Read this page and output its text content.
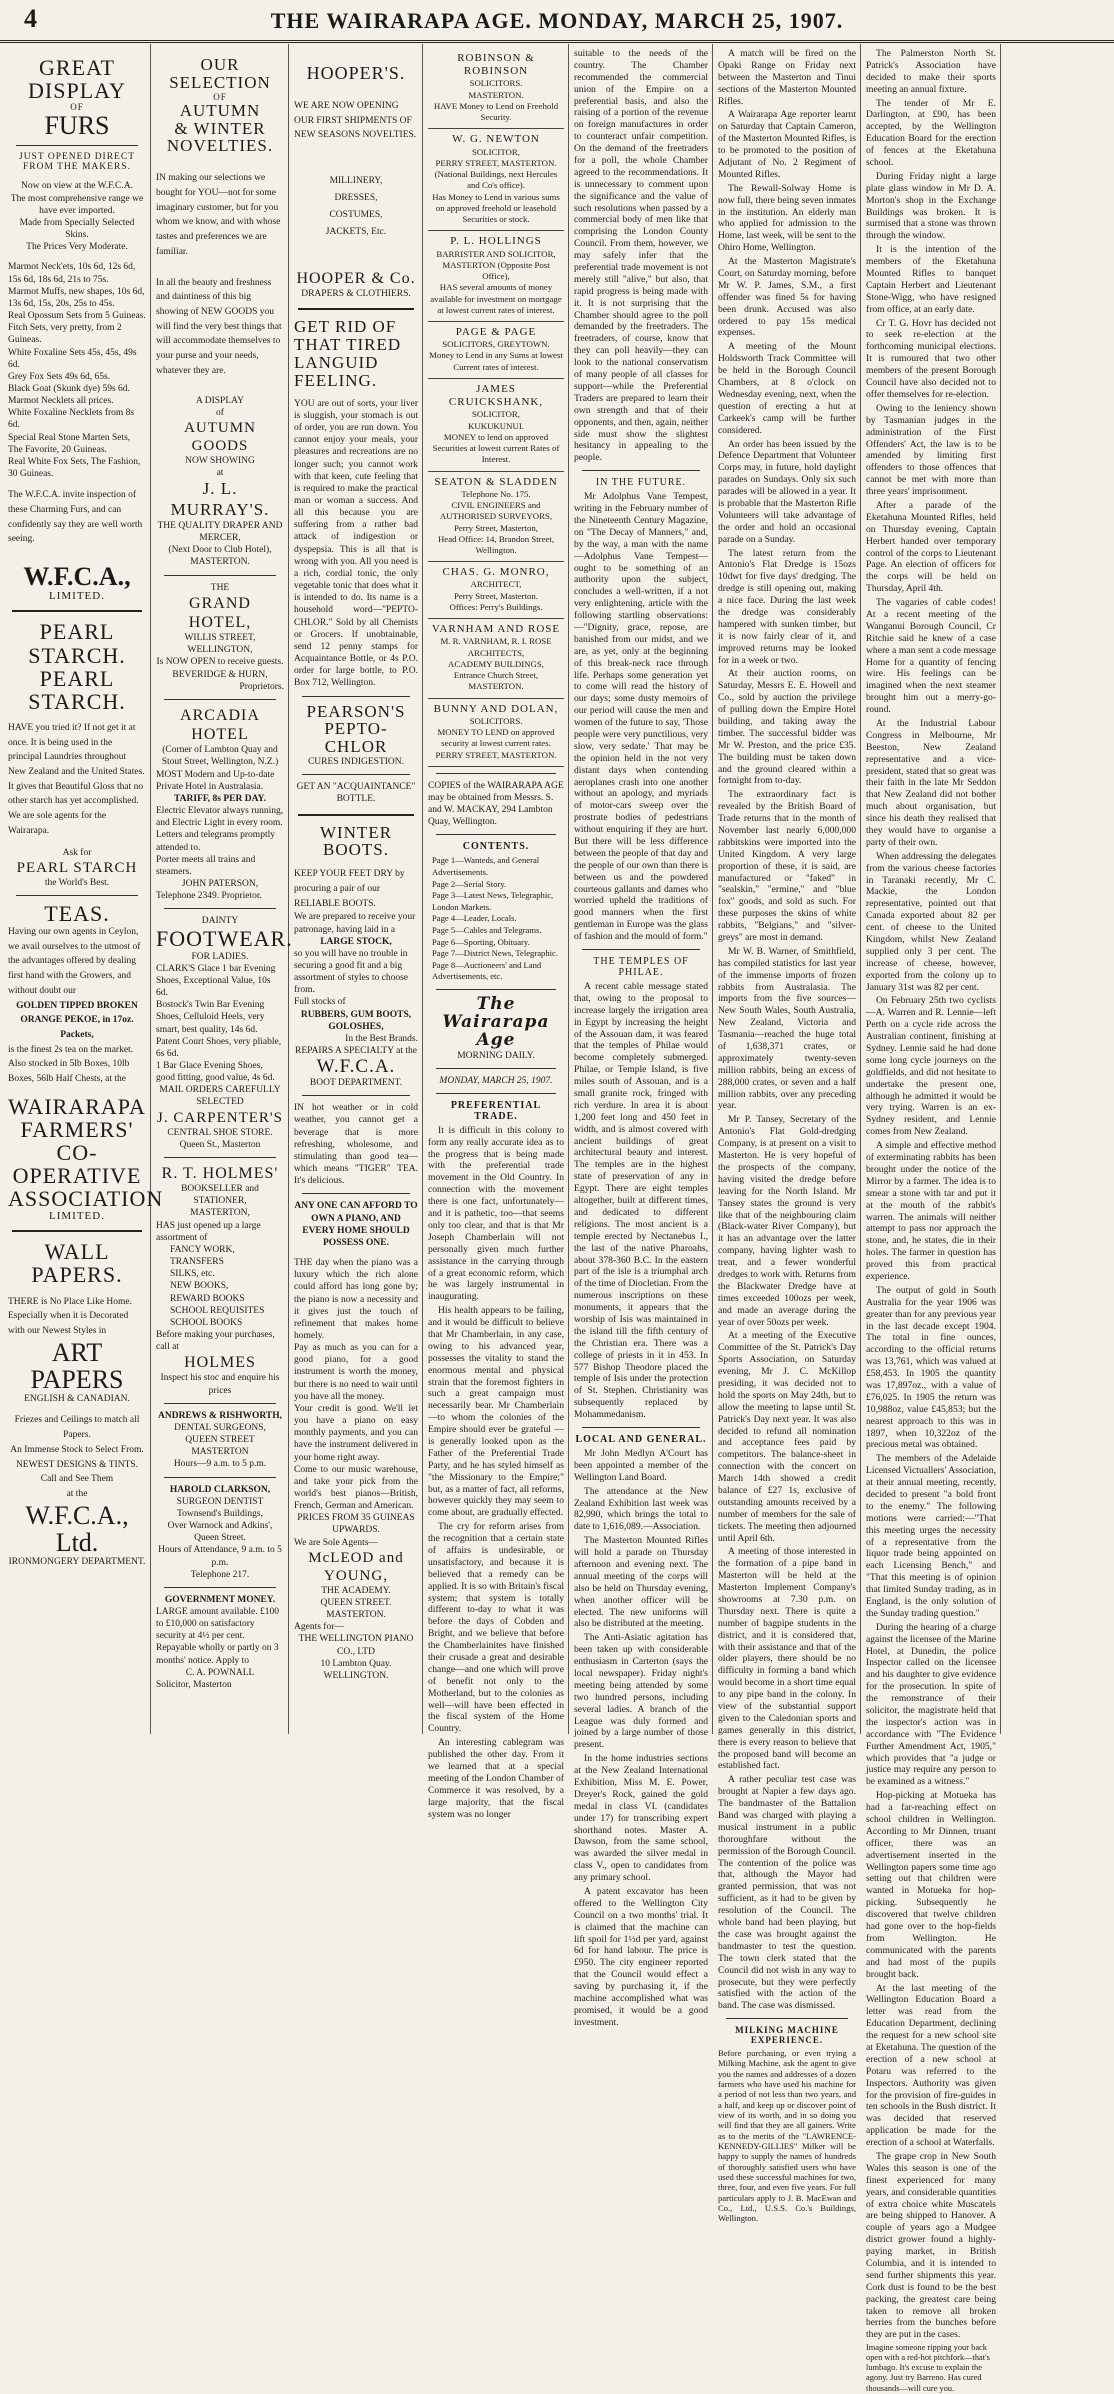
4	THE WAIRARAPA AGE. MONDAY, MARCH 25, 1907.
GREAT DISPLAY
OF
FURS
JUST OPENED DIRECT FROM THE MAKERS.
Now on view at the W.F.C.A.
The most comprehensive range we have ever imported.
Made from Specially Selected Skins.
The Prices Very Moderate.
Marmot Neck'ets, 10s 6d, 12s 6d, 15s 6d, 18s 6d, 21s to 75s.
Marmot Muffs, new shapes, 10s 6d, 13s 6d, 15s, 20s, 25s to 45s.
Real Opossum Sets from 5 Guineas.
Fitch Sets, very pretty, from 2 Guineas.
White Foxaline Sets 45s, 45s, 49s 6d.
Grey Fox Sets 49s 6d, 65s.
Black Goat (Skunk dye) 59s 6d.
Marmot Necklets all prices.
White Foxaline Necklets from 8s 6d.
Special Real Stone Marten Sets, The Favorite, 20 Guineas.
Real White Fox Sets, The Fashion, 30 Guineas.
The W.F.C.A. invite inspection of these Charming Furs, and can confidently say they are well worth seeing.
W.F.C.A.,
LIMITED.
PEARL STARCH.
PEARL STARCH.
HAVE you tried it? If not get it at once. It is being used in the principal Laundries throughout New Zealand and the United States. It gives that Beautiful Gloss that no other starch has yet accomplished. We are sole agents for the Wairarapa.
Ask for
PEARL STARCH
the World's Best.
TEAS.
Having our own agents in Ceylon, we avail ourselves to the utmost of the advantages offered by dealing first hand with the Growers, and without doubt our
GOLDEN TIPPED BROKEN ORANGE PEKOE, in 17oz. Packets,
is the finest 2s tea on the market. Also stocked in 5lb Boxes, 10lb Boxes, 56lb Half Chests, at the
WAIRARAPA FARMERS' CO-OPERATIVE ASSOCIATION
LIMITED.
WALL PAPERS.
THERE is No Place Like Home. Especially when it is Decorated with our Newest Styles in
ART PAPERS
ENGLISH & CANADIAN.
Friezes and Ceilings to match all Papers.
An Immense Stock to Select From.
NEWEST DESIGNS & TINTS.
Call and See Them
at the
W.F.C.A., Ltd.
IRONMONGERY DEPARTMENT.
OUR SELECTION
OF
AUTUMN
& WINTER
NOVELTIES.
IN making our selections we bought for YOU—not for some imaginary customer, but for you whom we know, and with whose tastes and preferences we are familiar.
In all the beauty and freshness and daintiness of this big showing of NEW GOODS you will find the very best things that will accommodate themselves to your purse and your needs, whatever they are.
A DISPLAY
of
AUTUMN GOODS
NOW SHOWING
at
J. L. MURRAY'S.
THE QUALITY DRAPER AND MERCER,
(Next Door to Club Hotel),
MASTERTON.
THE
GRAND HOTEL,
WILLIS STREET, WELLINGTON,
Is NOW OPEN to receive guests.
BEVERIDGE & HURN,
Proprietors.
ARCADIA HOTEL
(Corner of Lambton Quay and Stout Street, Wellington, N.Z.)
MOST Modern and Up-to-date Private Hotel in Australasia.
TARIFF, 8s PER DAY.
Electric Elevator always running, and Electric Light in every room.
Letters and telegrams promptly attended to.
Porter meets all trains and steamers.
JOHN PATERSON,
Telephone 2349. Proprietor.
DAINTY
FOOTWEAR.
FOR LADIES.
CLARK'S Glace 1 bar Evening Shoes, Exceptional Value, 10s 6d.
Bostock's Twin Bar Evening Shoes, Celluloid Heels, very smart, best quality, 14s 6d.
Patent Court Shoes, very pliable, 6s 6d.
1 Bar Glace Evening Shoes, good fitting, good value, 4s 6d.
MAIL ORDERS CAREFULLY SELECTED
J. CARPENTER'S
CENTRAL SHOE STORE.
Queen St., Masterton
R. T. HOLMES'
BOOKSELLER and STATIONER,
MASTERTON,
HAS just opened up a large assortment of
FANCY WORK,
TRANSFERS
SILKS, etc.
NEW BOOKS,
REWARD BOOKS
SCHOOL REQUISITES
SCHOOL BOOKS
Before making your purchases, call at
HOLMES
Inspect his stoc and enquire his prices
ANDREWS & RISHWORTH,
DENTAL SURGEONS,
QUEEN STREET MASTERTON
Hours—9 a.m. to 5 p.m.
HAROLD CLARKSON,
SURGEON DENTIST
Townsend's Buildings,
Over Warnock and Adkins',
Queen Street.
Hours of Attendance, 9 a.m. to 5 p.m.
Telephone 217.
GOVERNMENT MONEY.
LARGE amount available. £100 to £10,000 on satisfactory security at 4½ per cent. Repayable wholly or partly on 3 months' notice. Apply to
C. A. POWNALL
Solicitor, Masterton
HOOPER'S.
WE ARE NOW OPENING OUR FIRST SHIPMENTS OF NEW SEASONS NOVELTIES.
MILLINERY,
DRESSES,
COSTUMES,
JACKETS, Etc.
HOOPER & Co.
DRAPERS & CLOTHIERS.
GET RID OF THAT TIRED LANGUID FEELING.
YOU are out of sorts, your liver is sluggish, your stomach is out of order, you are run down. You cannot enjoy your meals, your pleasures and recreations are no longer such; you cannot work with that keen, cute feeling that is required to make the practical man or woman a success. And all this because you are suffering from a rather bad attack of indigestion or dyspepsia. This is all that is wrong with you. All you need is a rich, cordial tonic, the only vegetable tonic that does what it is intended to do. Its name is a household word—"PEPTO-CHLOR." Sold by all Chemists or Grocers. If unobtainable, send 12 penny stamps for Acquaintance Bottle, or 4s P.O. order for large bottle, to P.O. Box 712, Wellington.
PEARSON'S PEPTO-CHLOR
CURES INDIGESTION.
GET AN "ACQUAINTANCE" BOTTLE.
WINTER BOOTS.
KEEP YOUR FEET DRY by procuring a pair of our RELIABLE BOOTS.
We are prepared to receive your patronage, having laid in a
LARGE STOCK,
so you will have no trouble in securing a good fit and a big assortment of styles to choose from.
Full stocks of
RUBBERS, GUM BOOTS, GOLOSHES,
In the Best Brands.
REPAIRS A SPECIALTY at the
W.F.C.A.
BOOT DEPARTMENT.
IN hot weather or in cold weather, you cannot get a beverage that is more refreshing, wholesome, and stimulating than good tea—which means "TIGER" TEA. It's delicious.
ANY ONE CAN AFFORD TO OWN A PIANO, AND EVERY HOME SHOULD POSSESS ONE.
THE day when the piano was a luxury which the rich alone could afford has long gone by; the piano is now a necessity and it gives just the touch of refinement that makes home homely.
Pay as much as you can for a good piano, for a good instrument is worth the money, but there is no need to wait until you have all the money.
Your credit is good. We'll let you have a piano on easy monthly payments, and you can have the instrument delivered in your home right away.
Come to our music warehouse, and take your pick from the world's best pianos—British, French, German and American.
PRICES FROM 35 GUINEAS UPWARDS.
We are Sole Agents—
McLEOD and YOUNG,
THE ACADEMY.
QUEEN STREET. MASTERTON.
Agents for—
THE WELLINGTON PIANO CO., LTD
10 Lambton Quay.
WELLINGTON.
ROBINSON & ROBINSON
SOLICITORS.
MASTERTON.
HAVE Money to Lend on Freehold Security.
W. G. NEWTON
SOLICITOR,
PERRY STREET, MASTERTON.
(National Buildings, next Hercules and Co's office).
Has Money to Lend in various sums on approved freehold or leasehold Securities or stock.
P. L. HOLLINGS
BARRISTER AND SOLICITOR,
MASTERTON (Opposite Post Office),
HAS several amounts of money available for investment on mortgage at lowest current rates of interest.
PAGE & PAGE
SOLICITORS, GREYTOWN.
Money to Lend in any Sums at lowest Current rates of interest.
JAMES CRUICKSHANK,
SOLICITOR,
KUKUKUNUI.
MONEY to lend on approved Securities at lowest current Rates of Interest.
SEATON & SLADDEN
Telephone No. 175.
CIVIL ENGINEERS and AUTHORISED SURVEYORS,
Perry Street, Masterton,
Head Office: 14, Brandon Street, Wellington.
CHAS. G. MONRO,
ARCHITECT,
Perry Street, Masterton.
Offices: Perry's Buildings.
VARNHAM AND ROSE
M. R. VARNHAM, R. I. ROSE
ARCHITECTS,
ACADEMY BUILDINGS,
Entrance Church Street, MASTERTON.
BUNNY AND DOLAN,
SOLICITORS.
MONEY TO LEND on approved security at lowest current rates.
PERRY STREET, MASTERTON.
COPIES of the WAIRARAPA AGE may be obtained from Messrs. S. and W. MACKAY, 294 Lambton Quay, Wellington.
CONTENTS.
Page 1—Wanteds, and General Advertisements.
Page 2—Serial Story.
Page 3—Latest News, Telegraphic, London Markets.
Page 4—Leader, Locals.
Page 5—Cables and Telegrams.
Page 6—Sporting, Obituary.
Page 7—District News, Telegraphic.
Page 8—Auctioneers' and Land Advertisements, etc.
The Wairarapa Age
MORNING DAILY.
MONDAY, MARCH 25, 1907.
PREFERENTIAL TRADE.

It is difficult in this colony to form any really accurate idea as to the progress that is being made with the preferential trade movement in the Old Country. In connection with the movement there is one fact, unfortunately—and it is pathetic, too—that seems only too clear, and that is that Mr Joseph Chamberlain will not personally given much further assistance in the carrying through of a great economic reform, which he was largely instrumental in inaugurating.

His health appears to be failing, and it would be difficult to believe that Mr Chamberlain, in any case, owing to his advanced year, possesses the vitality to stand the enormous mental and physical strain that the foremost fighters in such a great campaign must necessarily bear. Mr Chamberlain—to whom the colonies of the Empire should ever be grateful —is generally looked upon as the Father of the Preferential Trade Party, and he has styled himself as "the Missionary to the Empire;" but, as a matter of fact, all reforms, however quickly they may seem to come about, are gradually effected.

The cry for reform arises from the recognition that a certain state of affairs is undesirable, or unsatisfactory, and because it is believed that a remedy can be applied. It is so with Britain's fiscal system; that system is totally different to-day to what it was before the days of Cobden and Bright, and we believe that before the Chamberlainites have finished their crusade a great and desirable change—and one which will prove of benefit not only to the Motherland, but to the colonies as well—will have been effected in the fiscal system of the Home Country.

An interesting cablegram was published the other day. From it we learned that at a special meeting of the London Chamber of Commerce it was resolved, by a large majority, that the fiscal system was no longer

suitable to the needs of the country. The Chamber recommended the commercial union of the Empire on a preferential basis, and also the raising of a portion of the revenue on foreign manufactures in order to counteract unfair competition. On the demand of the freetraders for a poll, the whole Chamber agreed to the recommendations. It is unnecessary to comment upon the significance and the value of such resolutions when passed by a commercial body of men like that comprising the London County Council. From them, however, we may safely infer that the preferential trade movement is not merely still "alive," but also, that rapid progress is being made with it. It is not surprising that the Chamber should agree to the poll demanded by the freetraders. The freetraders, of course, know that they can poll heavily—they can look to the national conservatism of many people of all classes for support—while the Preferential Traders are prepared to learn their own strength and that of their opponents, and then, again, neither side must show the slightest hesitancy in appealing to the people.

IN THE FUTURE.

Mr Adolphus Vane Tempest, writing in the February number of the Nineteenth Century Magazine, on "The Decay of Manners," and, by the way, a man with the name—Adolphus Vane Tempest—ought to be something of an authority upon the subject, concludes a well-written, if a not very enlightening, article with the following startling observations:—"Dignity, grace, repose, are banished from our midst, and we are, as yet, only at the beginning of this break-neck race through life. Perhaps some generation yet to come will read the history of our days; some dusty memoirs of our period will cause the men and women of the future to say, 'Those people were very punctilious, very slow, very sedate.' That may be the opinion held in the not very distant days when contending aeroplanes crash into one another without an apology, and myriads of motor-cars sweep over the prostrate bodies of pedestrians without enquiring if they are hurt. But there will be less difference between the people of that day and the people of our own than there is between us and the powdered courteous gallants and dames who worried upheld the traditions of good manners when the first gentleman in Europe was the glass of fashion and the mould of form."

THE TEMPLES OF PHILAE.

A recent cable message stated that, owing to the proposal to increase largely the irrigation area in Egypt by increasing the height of the Assouan dam, it was feared that the temples of Philae would become completely submerged. Philae, or Temple Island, is five miles south of Assouan, and is a small granite rock, fringed with rich verdure. In area it is about 1,200 feet long and 450 feet in width, and is almost covered with ancient buildings of great architectural beauty and interest. The temples are in the highest state of preservation of any in Egypt. There are eight temples altogether, built at different times, and dedicated to different religions. The most ancient is a temple erected by Nectanebus I., the last of the native Pharoahs, about 378-360 B.C. In the eastern part of the isle is a triumphal arch of the time of Diocletian. From the numerous inscriptions on these monuments, it appears that the worship of Isis was maintained in the island till the fifth century of the Christian era. There was a college of priests in it in 453. In 577 Bishop Theodore placed the temple of Isis under the protection of St. Stephen. Christianity was subsequently replaced by Mohammedanism.

LOCAL AND GENERAL.

Mr John Medlyn A'Court has been appointed a member of the Wellington Land Board.

The attendance at the New Zealand Exhibition last week was 82,990, which brings the total to date to 1,616,089.—Association.

The Masterton Mounted Rifles will hold a parade on Thursday afternoon and evening next. The annual meeting of the corps will also be held on Thursday evening, when another officer will be elected. The new uniforms will also be distributed at the meeting.

The Anti-Asiatic agitation has been taken up with considerable enthusiasm in Carterton (says the local newspaper). Friday night's meeting being attended by some two hundred persons, including several ladies. A branch of the League was duly formed and joined by a large number of those present.

In the home industries sections at the New Zealand International Exhibition, Miss M. E. Power, Dreyer's Rock, gained the gold medal in class VI. (candidates under 17) for transcribing expert shorthand notes. Master A. Dawson, from the same school, was awarded the silver medal in class V., open to candidates from any primary school.

A patent excavator has been offered to the Wellington City Council on a two months' trial. It is claimed that the machine can lift spoil for 1½d per yard, against 6d for hand labour. The price is £950. The city engineer reported that the Council would effect a saving by purchasing it, if the machine accomplished what was promised, it would be a good investment.

A match will be fired on the Opaki Range on Friday next between the Masterton and Tinui sections of the Masterton Mounted Rifles.

A Wairarapa Age reporter learnt on Saturday that Captain Cameron, of the Masterton Mounted Rifles, is to be promoted to the position of Adjutant of No. 2 Regiment of Mounted Rifles.

The Rewall-Solway Home is now full, there being seven inmates in the institution. An elderly man who applied for admission to the Home, last week, will be sent to the Ohiro Home, Wellington.

At the Masterton Magistrate's Court, on Saturday morning, before Mr W. P. James, S.M., a first offender was fined 5s for having been drunk. Accused was also ordered to pay 15s medical expenses.

A meeting of the Mount Holdsworth Track Committee will be held in the Borough Council Chambers, at 8 o'clock on Wednesday evening, next, when the question of erecting a hut at Carkeek's camp will be further considered.

An order has been issued by the Defence Department that Volunteer Corps may, in future, hold daylight parades on Sundays. Only six such parades will be allowed in a year. It is probable that the Masterton Rifle Volunteers will take advantage of the order and hold an occasional parade on a Sunday.

The latest return from the Antonio's Flat Dredge is 15ozs 10dwt for five days' dredging. The dredge is still opening out, making a nice face. During the last week the dredge was considerably hampered with sunken timber, but it is now fairly clear of it, and improved returns may be looked for in a week or two.

At their auction rooms, on Saturday, Messrs E. E. Howell and Co., sold by auction the privilege of pulling down the Empire Hotel building, and taking away the timber. The successful bidder was Mr W. Preston, and the price £35. The building must be taken down and the ground cleared within a fortnight from to-day.

The extraordinary fact is revealed by the British Board of Trade returns that in the month of November last nearly 6,000,000 rabbitskins were imported into the United Kingdom. A very large proportion of these, it is said, are manufactured or "faked" in "sealskin," "ermine," and "blue fox" goods, and sold as such. For these purposes the skins of white rabbits, "Belgians," and "silver-greys" are most in demand.

Mr W. B. Warner, of Smithfield, has compiled statistics for last year of the immense imports of frozen rabbits from Australasia. The imports from the five sources—New South Wales, South Australia, New Zealand, Victoria and Tasmania—reached the huge total of 1,638,371 crates, or approximately twenty-seven million rabbits, being an excess of 288,000 crates, or seven and a half million rabbits, over any preceding year.

Mr P. Tansey, Secretary of the Antonio's Flat Gold-dredging Company, is at present on a visit to Masterton. He is very hopeful of the prospects of the company, having visited the dredge before leaving for the North Island. Mr Tansey states the ground is very like that of the neighbouring claim (Black-water River Company), but it has an advantage over the latter company, having lighter wash to treat, and a fewer wonderful dredges to work with. Returns from the Blackwater Dredge have at times exceeded 100ozs per week, and made an average during the year of over 50ozs per week.

At a meeting of the Executive Committee of the St. Patrick's Day Sports Association, on Saturday evening, Mr J. C. McKillop presiding, it was decided not to hold the sports on May 24th, but to allow the meeting to lapse until St. Patrick's Day next year. It was also decided to refund all nomination and acceptance fees paid by competitors. The balance-sheet in connection with the concert on March 14th showed a credit balance of £27 1s, exclusive of outstanding amounts received by a number of members for the sale of tickets. The meeting then adjourned until April 6th.

A meeting of those interested in the formation of a pipe band in Masterton will be held at the Masterton Implement Company's showrooms at 7.30 p.m. on Thursday next. There is quite a number of bagpipe students in the district, and it is considered that, with their assistance and that of the older players, there should be no difficulty in forming a band which would become in a short time equal to any pipe band in the colony. In view of the substantial support given to the Caledonian sports and games generally in this district, there is every reason to believe that the proposed band will become an established fact.

A rather peculiar test case was brought at Napier a few days ago. The bandmaster of the Battalion Band was charged with playing a musical instrument in a public thoroughfare without the permission of the Borough Council. The contention of the police was that, although the Mayor had granted permission, that was not sufficient, as it had to be given by resolution of the Council. The whole band had been playing, but the case was brought against the bandmaster to test the question. The town clerk stated that the Council did not wish in any way to prosecute, but they were perfectly satisfied with the action of the band. The case was dismissed.

MILKING MACHINE EXPERIENCE.
Before purchasing, or even trying a Milking Machine, ask the agent to give you the names and addresses of a dozen farmers who have used his machine for a period of not less than two years, and a half, and keep up or discover point of view of its worth, and in so doing you will find that they are all gainers. Write as to the merits of the "LAWRENCE-KENNEDY-GILLIES" Milker will be happy to supply the names of hundreds of thoroughly satisfied users who have used these successful machines for two, three, four, and even five years. For full particulars apply to J. B. MacEwan and Co., Ltd., U.S.S. Co.'s Buildings, Wellington.

The Palmerston North St. Patrick's Association have decided to make their sports meeting an annual fixture.

The tender of Mr E. Darlington, at £90, has been accepted, by the Wellington Education Board for the erection of fences at the Eketahuna school.

During Friday night a large plate glass window in Mr D. A. Morton's shop in the Exchange Buildings was broken. It is surmised that a stone was thrown through the window.

It is the intention of the members of the Eketahuna Mounted Rifles to banquet Captain Herbert and Lieutenant Stone-Wigg, who have resigned from office, at an early date.

Cr T. G. Hovr has decided not to seek re-election at the forthcoming municipal elections. It is rumoured that two other members of the present Borough Council have also decided not to offer themselves for re-election.

Owing to the leniency shown by Tasmanian judges in the administration of the First Offenders' Act, the law is to be amended by limiting first offenders to those offences that cannot be met with more than three years' imprisonment.

After a parade of the Eketahuna Mounted Rifles, held on Thursday evening, Captain Herbert handed over temporary control of the corps to Lieutenant Page. An election of officers for the corps will be held on Thursday, April 4th.

The vagaries of cable codes! At a recent meeting of the Wanganui Borough Council, Cr Ritchie said he knew of a case where a man sent a code message Home for a quantity of fencing wire. His feelings can be imagined when the next steamer brought him out a merry-go-round.

At the Industrial Labour Congress in Melbourne, Mr Beeston, New Zealand representative and a vice-president, stated that so great was their faith in the late Mr Seddon that New Zealand did not bother much about organisation, but since his death they realised that they would have to organise a party of their own.

When addressing the delegates from the various cheese factories in Taranaki recently, Mr C. Mackie, the London representative, pointed out that Canada exported about 82 per cent. of cheese to the United Kingdom, whilst New Zealand supplied only 3 per cent. The increase of cheese, however, exported from the colony up to January 31st was 82 per cent.

On February 25th two cyclists—A. Warren and R. Lennie—left Perth on a cycle ride across the Australian continent, finishing at Sydney. Lennie said he had done some long cycle journeys on the goldfields, and did not hesitate to undertake the present one, although he admitted it would be very trying. Warren is an ex-Sydney resident, and Lennie comes from New Zealand.

A simple and effective method of exterminating rabbits has been brought under the notice of the Mirror by a farmer. The idea is to smear a stone with tar and put it at the mouth of the rabbit's warren. The animals will neither attempt to pass nor approach the stone, and, he states, die in their holes. The farmer in question has proved this from practical experience.

The output of gold in South Australia for the year 1906 was greater than for any previous year in the last decade except 1904. The total in fine ounces, according to the official returns was 13,761, which was valued at £58,453. In 1905 the quantity was 17,897oz., with a value of £76,025. In 1905 the return was 10,988oz, value £45,853; but the nearest approach to this was in 1897, when 10,322oz of the precious metal was obtained.

The members of the Adelaide Licensed Victuallers' Association, at their annual meeting, recently, decided to present "a bold front to the enemy." The following motions were carried:—"That this meeting urges the necessity of a representative from the liquor trade being appointed on each Licensing Bench," and "That this meeting is of opinion that limited Sunday trading, as in England, is the only solution of the Sunday trading question."

During the hearing of a charge against the licensee of the Marine Hotel, at Dunedin, the police Inspector called on the licensee and his daughter to give evidence for the prosecution. In spite of the remonstrance of their solicitor, the magistrate held that the inspector's action was in accordance with "The Evidence Further Amendment Act, 1905," which provides that "a judge or justice may require any person to be examined as a witness."

Hop-picking at Motueka has had a far-reaching effect on school children in Wellington. According to Mr Dinnen, truant officer, there was an advertisement inserted in the Wellington papers some time ago setting out that children were wanted in Motueka for hop-picking. Subsequently he discovered that twelve children had gone over to the hop-fields from Wellington. He communicated with the parents and had most of the pupils brought back.

At the last meeting of the Wellington Education Board a letter was read from the Education Department, declining the request for a new school site at Eketahuna. The question of the erection of a new school at Potaru was referred to the Inspectors. Authority was given for the provision of fire-guides in ten schools in the Bush district. It was decided that reserved application be made for the erection of a school at Waterfalls.

The grape crop in New South Wales this season is one of the finest experienced for many years, and considerable quantities of extra choice white Muscatels are being shipped to Hanover. A couple of years ago a Mudgee district grower found a highly-paying market, in British Columbia, and it is intended to send further shipments this year. Cork dust is found to be the best packing, the greatest care being taken to remove all broken berries from the bunches before they are put in the cases.

Imagine someone ripping your back open with a red-hot pitchfork—that's lumbago. It's excuse to explain the agony. Just try Barreno. Has cured thousands—will cure you.
